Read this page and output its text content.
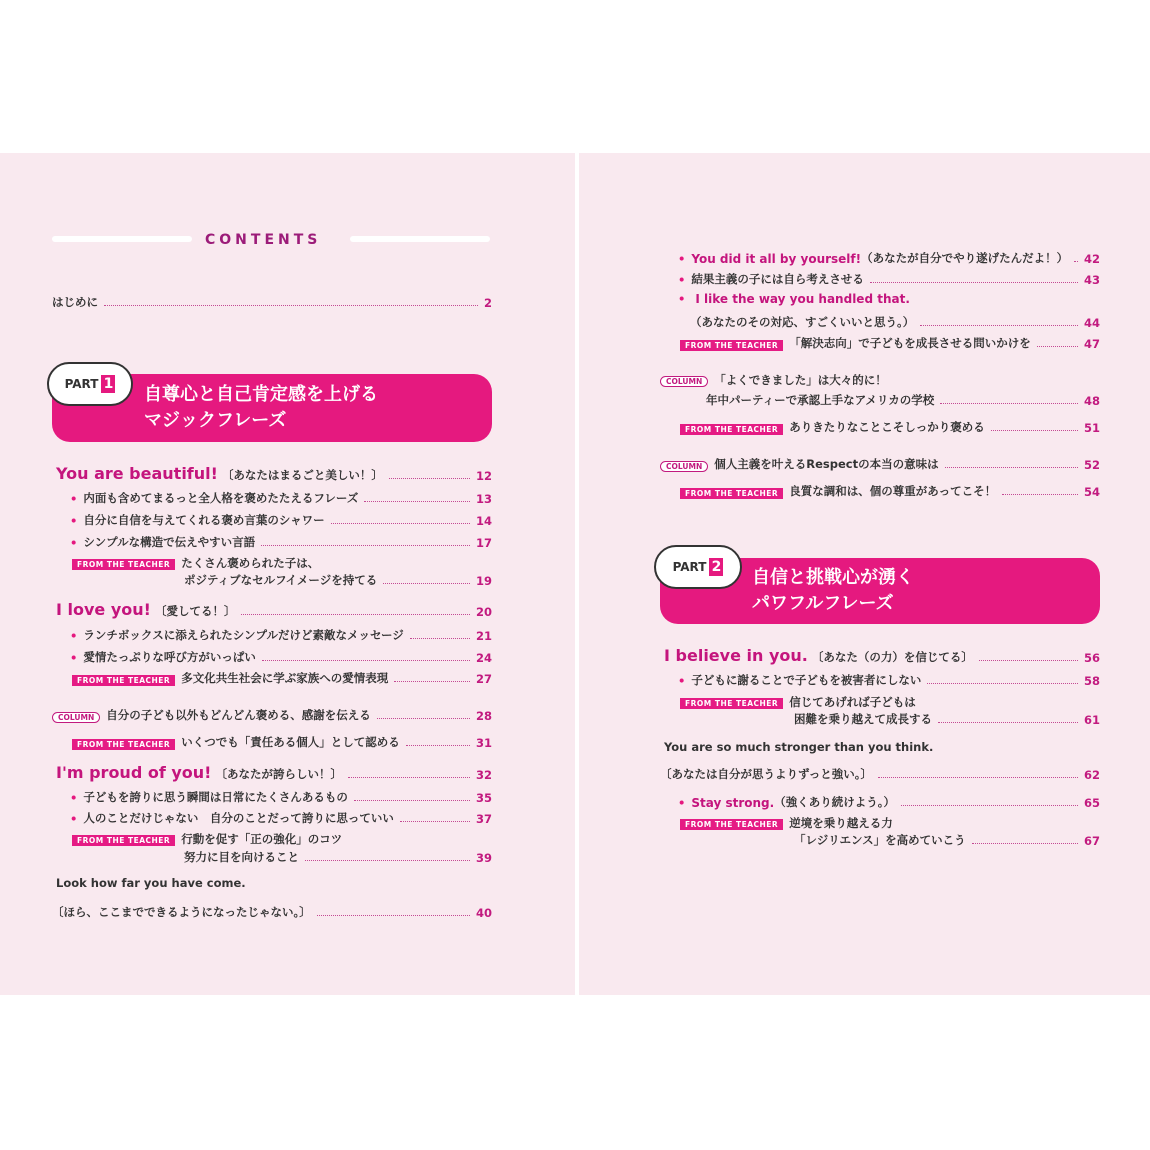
CONTENTS
はじめに	2
自尊心と自己肯定感を上げる
マジックフレーズ
PART 1
You are beautiful! 〔あなたはまるごと美しい！〕	12
• 内面も含めてまるっと全人格を褒めたたえるフレーズ	13
• 自分に自信を与えてくれる褒め言葉のシャワー	14
• シンプルな構造で伝えやすい言語	17
FROM THE TEACHER たくさん褒められた子は、
ポジティブなセルフイメージを持てる	19
I love you! 〔愛してる！〕	20
• ランチボックスに添えられたシンプルだけど素敵なメッセージ	21
• 愛情たっぷりな呼び方がいっぱい	24
FROM THE TEACHER 多文化共生社会に学ぶ家族への愛情表現	27
COLUMN	自分の子ども以外もどんどん褒める、感謝を伝える	28
FROM THE TEACHER いくつでも「責任ある個人」として認める	31
I'm proud of you! 〔あなたが誇らしい！〕	32
• 子どもを誇りに思う瞬間は日常にたくさんあるもの	35
• 人のことだけじゃない　自分のことだって誇りに思っていい	37
FROM THE TEACHER 行動を促す「正の強化」のコツ
努力に目を向けること	39
Look how far you have come.
〔ほら、ここまでできるようになったじゃない。〕	40
• You did it all by yourself! （あなたが自分でやり遂げたんだよ！） 42
• 結果主義の子には自ら考えさせる	43
• I like the way you handled that.
（あなたのその対応、すごくいいと思う。）	44
FROM THE TEACHER 「解決志向」で子どもを成長させる問いかけを	47
COLUMN 「よくできました」は大々的に！
年中パーティーで承認上手なアメリカの学校	48
FROM THE TEACHER ありきたりなことこそしっかり褒める	51
COLUMN	個人主義を叶えるRespectの本当の意味は	52
FROM THE TEACHER 良質な調和は、個の尊重があってこそ！	54
自信と挑戦心が湧く
パワフルフレーズ
PART 2
I believe in you. 〔あなた（の力）を信じてる〕	56
• 子どもに謝ることで子どもを被害者にしない	58
FROM THE TEACHER 信じてあげれば子どもは
困難を乗り越えて成長する	61
You are so much stronger than you think.
〔あなたは自分が思うよりずっと強い。〕	62
• Stay strong. （強くあり続けよう。）	65
FROM THE TEACHER 逆境を乗り越える力
「レジリエンス」を高めていこう	67
